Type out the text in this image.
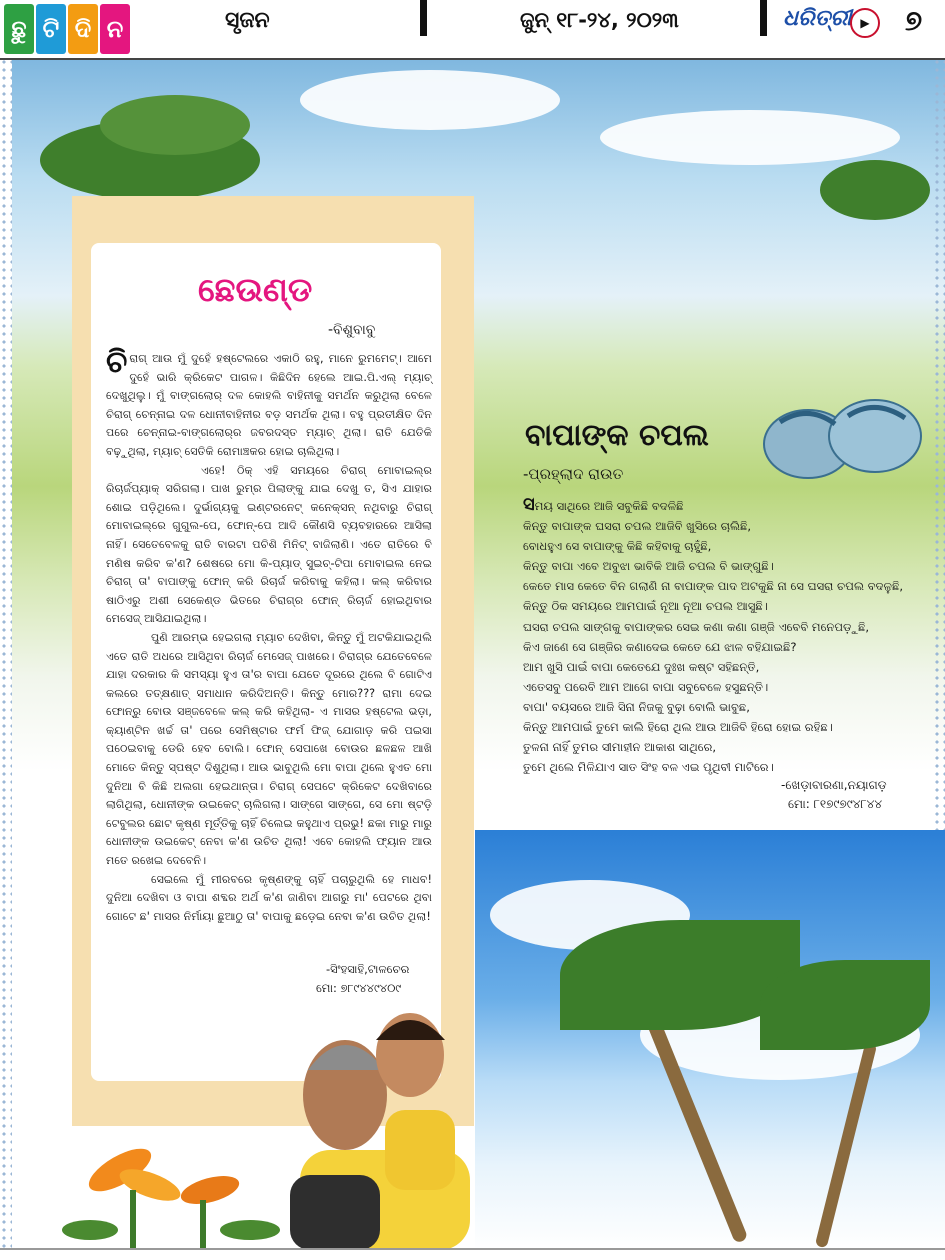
ଛୁ ଟି ଦି ନ	ସୃଜନ	ଜୁନ୍ ୧୮-୨୪, ୨୦୨୩	ଧରିତ୍ରୀ ▶	୭
ଛେଉଣ୍ଡ
-ବିଶୁବାବୁ

ଚିରାଗ୍ ଆଉ ମୁଁ ଦୁହେଁ ହଷ୍ଟେଲରେ ଏକାଠି ରହୁ, ମାନେ ରୁମମେଟ୍। ଆମେ ଦୁହେଁ ଭାରି କ୍ରିକେଟ ପାଗଳ। କିଛିଦିନ ହେଲେ ଆଇ.ପି.ଏଲ୍ ମ୍ୟାଚ୍ ଦେଖୁଥିଲୁ। ମୁଁ ବାଙ୍ଗଲୋର୍ ଦଳ କୋହଲି ବାହିନୀକୁ ସମର୍ଥନ କରୁଥିଲା ବେଳେ ଚିରାଗ୍ ଚେନ୍ନାଇ ଦଳ ଧୋନୀବାହିନୀର ବଡ଼ ସମର୍ଥକ ଥିଲା। ବହୁ ପ୍ରତୀକ୍ଷିତ ଦିନ ପରେ ଚେନ୍ନାଇ-ବାଙ୍ଗଲୋର୍‌ର ଜବରଦସ୍ତ ମ୍ୟାଚ୍ ଥିଲା। ରାତି ଯେତିକି ବଢ଼ୁଥିଲା, ମ୍ୟାଚ୍ ସେତିକି ରୋମାଞ୍ଚକର ହୋଇ ଚାଲିଥିଲା।

ଏହେ! ଠିକ୍ ଏହି ସମୟରେ ଚିରାଗ୍ ମୋବାଇଲ୍‌ର ରିଚାର୍ଜପ୍ୟାକ୍ ସରିଗଲା। ପାଖ ରୁମ୍‌ର ପିଲାଙ୍କୁ ଯାଇ ଦେଖୁ ତ, ସିଏ ଯାହାର ଶୋଇ ପଡ଼ିଥିଲେ। ଦୁର୍ଭାଗ୍ୟକୁ ଇଣ୍ଟରନେଟ୍ କନେକ୍ସନ୍ ନଥିବାରୁ ଚିରାଗ୍ ମୋବାଇଲ୍‌ରେ ଗୁଗୁଲ-ପେ, ଫୋନ୍-ପେ ଆଦି କୌଣସି ବ୍ୟବହାରରେ ଆସିଲା ନାହିଁ। ସେତେବେଳକୁ ରାତି ବାରଟା ପଚିଶି ମିନିଟ୍ ବାଜିଲାଣି। ଏତେ ରାତିରେ ବି ମଣିଷ କରିବ କ'ଣ? ଶେଷରେ ମୋ କି-ପ୍ୟାଡ୍ ସୁଇଚ୍-ଟିପା ମୋବାଇଲ ନେଇ ଚିରାଗ୍ ତା' ବାପାଙ୍କୁ ଫୋନ୍ କରି ରିଚାର୍ଜ କରିବାକୁ କହିଲା। କଲ୍ କରିବାର ଷାଠିଏରୁ ଅଶୀ ସେକେଣ୍ଡ ଭିତରେ ଚିରାଗ୍‌ର ଫୋନ୍ ରିଚାର୍ଜ ହୋଇଥିବାର ମେସେଜ୍ ଆସିଯାଇଥିଲା।

ପୁଣି ଆରମ୍ଭ ହେଇଗଲା ମ୍ୟାଚ ଦେଖିବା, କିନ୍ତୁ ମୁଁ ଅଟକିଯାଇଥିଲି ଏତେ ରାତି ଅଧରେ ଆସିଥିବା ରିଚାର୍ଜ ମେସେଜ୍ ପାଖରେ। ଚିରାଗ୍‌ର ଯେତେବେଳେ ଯାହା ଦରକାର କି ସମସ୍ୟା ହୁଏ ତା'ର ବାପା ଯେତେ ଦୂରରେ ଥିଲେ ବି ଗୋଟିଏ କଲରେ ତତ୍‌କ୍ଷଣାତ୍ ସମାଧାନ କରିଦିଅନ୍ତି। କିନ୍ତୁ ମୋର??? ରାମା ଦେଇ ଫୋନ୍‌ରୁ ବୋଉ ସଞ୍ଜବେଳେ କଲ୍ କରି କହିଥିଲା- ଏ ମାସର ହଷ୍ଟେଲ ଭଡ଼ା, କ୍ୟାଣ୍ଟିନ ଖର୍ଚ୍ଚ ତା' ପରେ ସେମିଷ୍ଟାର ଫର୍ମ ଫିଜ୍ ଯୋଗାଡ଼ କରି ପଇସା ପଠେଇବାକୁ ଡେରି ହେବ ବୋଲି। ଫୋନ୍ ସେପାଖେ ବୋଉର ଛଳଛଳ ଆଖି ମୋତେ କିନ୍ତୁ ସ୍ପଷ୍ଟ ଦିଶୁଥିଲା। ଆଉ ଭାବୁଥିଲି ମୋ ବାପା ଥିଲେ ହୁଏତ ମୋ ଦୁନିଆ ବି କିଛି ଅଲଗା ହେଇଥାନ୍ତା। ଚିରାଗ୍ ସେପଟେ କ୍ରିକେଟ ଦେଖିବାରେ ଲାଗିଥିଲା, ଧୋନୀଙ୍କ ଉଇକେଟ୍ ଚାଲିଗଲା। ସାଙ୍ଗେ ସାଙ୍ଗେ, ସେ ମୋ ଷ୍ଟଡ଼ି ଟେବୁଲର ଛୋଟ କୃଷ୍ଣ ମୂର୍ତ୍ତିକୁ ଚାହିଁ ଚିଲେଇ କହୁଥାଏ ପ୍ରଭୁ! ଛକା ମାରୁ ମାରୁ ଧୋନୀଙ୍କ ଉଇକେଟ୍ ନେବା କ'ଣ ଉଚିତ ଥିଲା! ଏବେ କୋହଲି ଫ୍ୟାନ ଆଉ ମତେ ରଖେଇ ଦେବେନି।

ସେଇଲେ ମୁଁ ମୀରବରେ କୃଷ୍ଣଙ୍କୁ ଚାହିଁ ପଚାରୁଥିଲି ହେ ମାଧବ! ଦୁନିଆ ଦେଖିବା ଓ ବାପା ଶବ୍ଦର ଅର୍ଥ କ'ଣ ଜାଣିବା ଆଗରୁ ମା' ପେଟରେ ଥିବା ଗୋଟେ ଛ' ମାସର ନିର୍ମାୟା ଛୁଆଠୁ ତା' ବାପାକୁ ଛଡ଼େଇ ନେବା କ'ଣ ଉଚିତ ଥିଲା!

-ସିଂହସାହି,ଟାଳଚେର
ମୋ: ୭୮୯୪୪୯୪୦୯
ବାପାଙ୍କ ଚପଲ
-ପ୍ରହ୍ଲାଦ ରାଉତ
ସମୟ ସାଥିରେ ଆଜି ସବୁକିଛି ବଦଳିଛି
କିନ୍ତୁ ବାପାଙ୍କ ଘସରା ଚପଲ ଆଜିବି ଖୁସିରେ ଚାଲିଛି,
ବୋଧହୁଏ ସେ ବାପାଙ୍କୁ କିଛି କହିବାକୁ ଚାହୁଁଛି,
କିନ୍ତୁ ବାପା ଏବେ ଅବୁଝା ଭାବିକି ଆଜି ଚପଲ ବି ଭାଙ୍ଗୁଛି।
କେତେ ମାସ କେତେ ବିନ ଗଲାଣି ନା ବାପାଙ୍କ ପାଦ ଅଟକୁଛି ନା ସେ ଘସରା ଚପଲ ବଦଳୁଛି,
କିନ୍ତୁ ଠିକ ସମୟରେ ଆମପାଇଁ ନୂଆ ନୂଆ ଚପଲ ଆସୁଛି।
ଘସରା ଚପଲ ସାଙ୍ଗକୁ ବାପାଙ୍କର ସେଇ କଣା କଣା ଗଞ୍ଜି ଏବେବି ମନେପଡ଼ୁଛି,
କିଏ ଜାଣେ ସେ ଗଞ୍ଜିର କଣାଦେଇ କେତେ ଯେ ଝାଳ ବହିଯାଇଛି?
ଆମ ଖୁସି ପାଇଁ ବାପା କେତେଯେ ଦୁଃଖ କଷ୍ଟ ସହିଛନ୍ତି,
ଏତେସବୁ ପରେବି ଆମ ଆଗେ ବାପା ସବୁବେଳେ ହସୁଛନ୍ତି।
ବାପା' ବୟସରେ ଆଜି ସିନା ନିଜକୁ ବୁଢ଼ା ବୋଲି ଭାବୁଛ,
କିନ୍ତୁ ଆମପାଇଁ ତୁମେ କାଲି ହିରୋ ଥିଲ ଆଉ ଆଜିବି ହିରୋ ହୋଇ ରହିଛ।
ତୁଳନା ନାହିଁ ତୁମର ସୀମାହୀନ ଆକାଶ ସାଥିରେ,
ତୁମେ ଥିଲେ ମିଳିଯାଏ ସାତ ସିଂହ ବଳ ଏଇ ପୃଥିବୀ ମାଟିରେ।
-ଖେଡ଼ାବାରଣା,ନୟାଗଡ଼
ମୋ: ୮୧୭୯୭୯୪୮୪୪
